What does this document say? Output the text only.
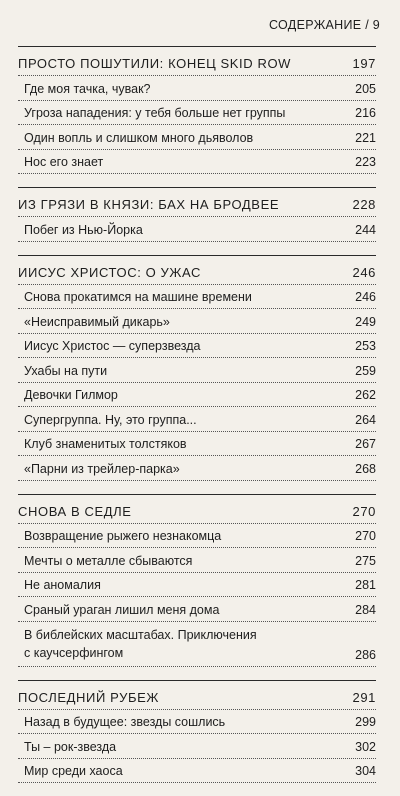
СОДЕРЖАНИЕ / 9
ПРОСТО ПОШУТИЛИ: КОНЕЦ SKID ROW	197
Где моя тачка, чувак?	205
Угроза нападения: у тебя больше нет группы	216
Один вопль и слишком много дьяволов	221
Нос его знает	223
ИЗ ГРЯЗИ В КНЯЗИ: БАХ НА БРОДВЕЕ	228
Побег из Нью-Йорка	244
ИИСУС ХРИСТОС: О УЖАС	246
Снова прокатимся на машине времени	246
«Неисправимый дикарь»	249
Иисус Христос — суперзвезда	253
Ухабы на пути	259
Девочки Гилмор	262
Супергруппа. Ну, это группа...	264
Клуб знаменитых толстяков	267
«Парни из трейлер-парка»	268
СНОВА В СЕДЛЕ	270
Возвращение рыжего незнакомца	270
Мечты о металле сбываются	275
Не аномалия	281
Сраный ураган лишил меня дома	284
В библейских масштабах. Приключения
с каучсерфингом	286
ПОСЛЕДНИЙ РУБЕЖ	291
Назад в будущее: звезды сошлись	299
Ты – рок-звезда	302
Мир среди хаоса	304
